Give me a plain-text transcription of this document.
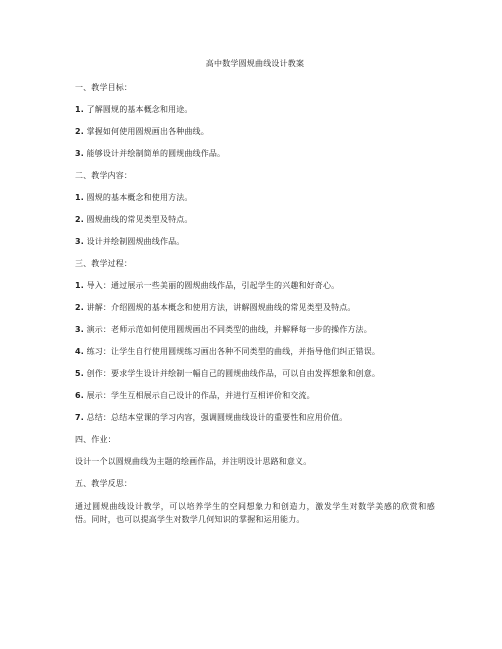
高中数学圆规曲线设计教案
一、教学目标：
1. 了解圆规的基本概念和用途。
2. 掌握如何使用圆规画出各种曲线。
3. 能够设计并绘制简单的圆规曲线作品。
二、教学内容：
1. 圆规的基本概念和使用方法。
2. 圆规曲线的常见类型及特点。
3. 设计并绘制圆规曲线作品。
三、教学过程：
1. 导入：通过展示一些美丽的圆规曲线作品，引起学生的兴趣和好奇心。
2. 讲解：介绍圆规的基本概念和使用方法，讲解圆规曲线的常见类型及特点。
3. 演示：老师示范如何使用圆规画出不同类型的曲线，并解释每一步的操作方法。
4. 练习：让学生自行使用圆规练习画出各种不同类型的曲线，并指导他们纠正错误。
5. 创作：要求学生设计并绘制一幅自己的圆规曲线作品，可以自由发挥想象和创意。
6. 展示：学生互相展示自己设计的作品，并进行互相评价和交流。
7. 总结：总结本堂课的学习内容，强调圆规曲线设计的重要性和应用价值。
四、作业：
设计一个以圆规曲线为主题的绘画作品，并注明设计思路和意义。
五、教学反思：
通过圆规曲线设计教学，可以培养学生的空间想象力和创造力，激发学生对数学美感的欣赏和感悟。同时，也可以提高学生对数学几何知识的掌握和运用能力。
